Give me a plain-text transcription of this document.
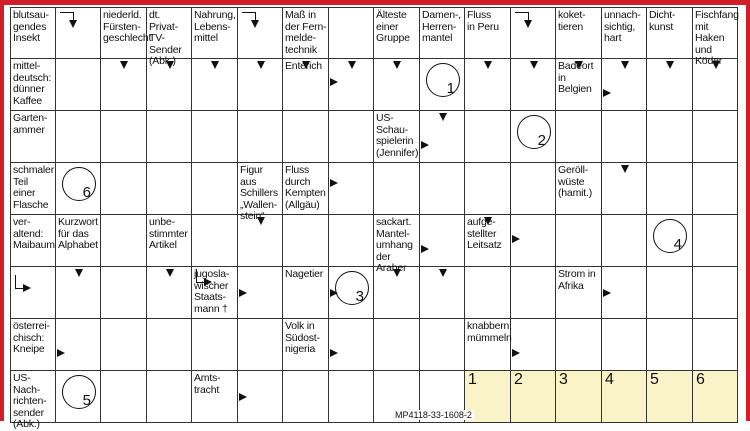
blutsau-
gendes
Insekt
niederld.
Fürsten-
geschlecht
dt.
Privat-
TV-Sender
(Abk.)
Nahrung,
Lebens-
mittel
Maß in
der Fern-
melde-
technik
Älteste
einer
Gruppe
Damen-,
Herren-
mantel
Fluss
in Peru
koket-
tieren
unnach-
sichtig,
hart
Dicht-
kunst
Fischfang
mit Haken
und Köder
mittel-
deutsch:
dünner
Kaffee
Enterich
1
Badeort
in Belgien
Garten-
ammer
US-Schau-
spielerin
(Jennifer)
2
schmaler
Teil
einer
Flasche
6
Figur aus
Schillers
„Wallen-
stein“
Fluss
durch
Kempten
(Allgäu)
Geröll-
wüste
(hamit.)
ver-
altend:
Maibaum
Kurzwort
für das
Alphabet
unbe-
stimmter
Artikel
sackart.
Mantel-
umhang
der Araber
aufge-
stellter
Leitsatz	4
jugosla-
wischer
Staats-
mann †
Nagetier
3
Strom in
Afrika
österrei-
chisch:
Kneipe
Volk in
Südost-
nigeria
knabbern,
mümmeln
US-Nach-
richten-
sender
(Abk.)
5
Amts-
tracht
1 2 3 4 5 6
MP4118-33-1608-2
